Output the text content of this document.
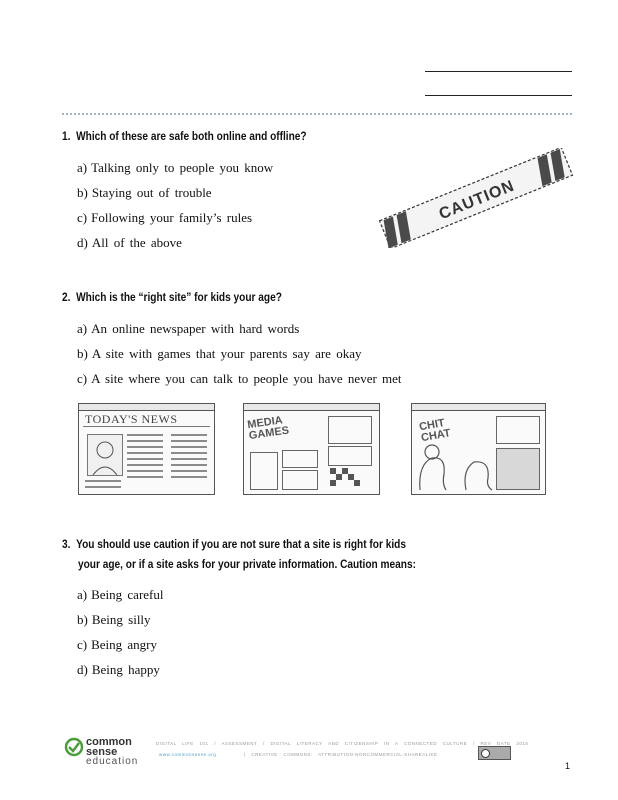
1. Which of these are safe both online and offline?
a) Talking only to people you know
b) Staying out of trouble
c) Following your family’s rules
d) All of the above
CAUTION
2. Which is the “right site” for kids your age?
a) An online newspaper with hard words
b) A site with games that your parents say are okay
c) A site where you can talk to people you have never met
TODAY'S NEWS	MEDIA GAMES	CHIT CHAT
3. You should use caution if you are not sure that a site is right for kids
your age, or if a site asks for your private information. Caution means:
a) Being careful
b) Being silly
c) Being angry
d) Being happy
common
sense
education
DIGITAL LIFE 101 / ASSESSMENT / DIGITAL LITERACY AND CITIZENSHIP IN A CONNECTED CULTURE / REV DATE 2015
www.commonsense.org	| CREATIVE COMMONS: ATTRIBUTION-NONCOMMERCIAL-SHAREALIKE
1
